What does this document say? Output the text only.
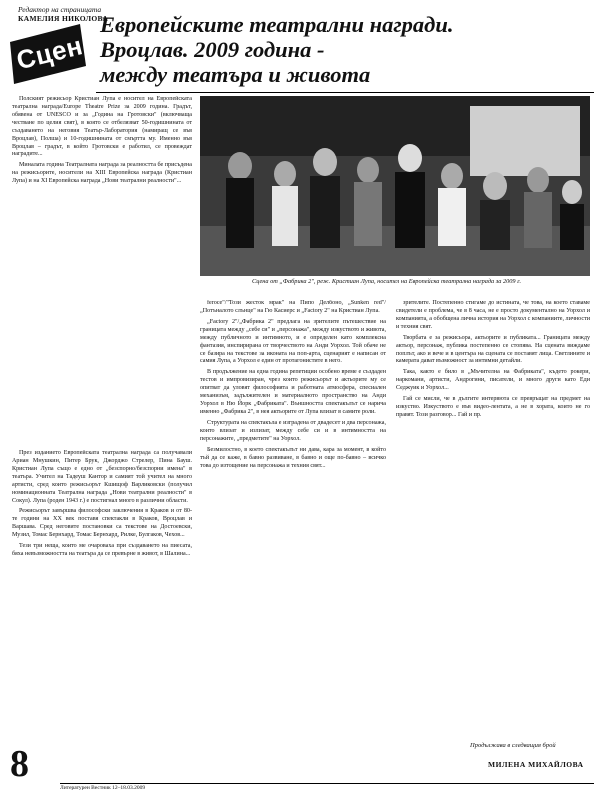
Редактор на страницата
КАМЕЛИЯ НИКОЛОВА
Сцена
Европейските театрални награди.
Вроцлав. 2009 година -
между театъра и живота

Полският режисьор Кристиан Лупа е носител на Европейската театрална награда/Europe Theatre Prize за 2009 година. Градът, обявена от UNESCO и за „Година на Гротовски" (включваща честване по целия свят), в която се отбелязват 50-годишнината от създаването на неговия Театър-Лаборатория (намиращ се във Вроцлав), Полша) и 10-годишнината от смъртта му. Именно във Вроцлав – градът, в който Гротовски е работил, се провеждат наградите...

Миналата година Театралната награда за реалността бе присъдена на режисьорите, носители на XIII Европейска награда (Кристиан Лупа) и на XI Европейска награда „Нови театрални реалности"...

През изданието Европейската театрална награда са получавали Ариан Мнушкин, Питер Брук, Джорджо Стрелер, Пина Бауш. Кристиан Лупа също е едно от „безспорно/безспорни имена" в театъра. Учител на Тадеуш Кантор и самият той учител на много артисти, сред които режисьорът Кшищоф Варликовски (получил номинационната Театрална награда „Нови театрални реалности" в Сокул). Лупа (роден 1943 г.) е постигнал много в различни области.

Режисьорът завършва философски заключения в Краков и от 80-те години на ХХ век поставя спектакли в Краков, Вроцлав и Варшава. Сред неговите постановки са текстове на Достоевски, Музил, Томас Бернхард, Томас Бернхард, Рилке, Булгаков, Чехов...

Тези три неща, които ме очароваха при създаването на пиесата, бяха невъзможността на театъра да се превърне в живот, в Шалина...

Сцена от „Фабрика 2", реж. Кристиан Лупа, носител на Европейска театрална награда за 2009 г.

ferоcе"/"Този жесток мрак" на Пипо Делбоно, „Sunken red"/„Потъналото слънце" на Гю Касиерс и „Factory 2" на Кристиан Лупа.

„Factory 2"/„Фабрика 2" предлага на зрителите пътешествие на границата между „себе си" и „персонажа", между изкуството и живота, между публичното и интимното, и е определен като комплексна фантазия, инспирирана от творчеството на Анди Уорхол. Той обаче не се базира на текстове за иконата на поп-арта, сценарият е написан от самия Лупа, а Уорхол е един от протагонистите в него.

В продължение на една година репетиции особено време е създаден тестов и импровизиран, чрез които режисьорът и актьорите му се опитват да уловят философията и работната атмосфера, спесиален механизъм, задължителен и материалното пространство на Анди Уорхол в Ню Йорк „Фабриката". Външността спектакълът се нарича именно „Фабрика 2", в нея актьорите от Лупа влизат в самите роли.

Структурата на спектакъла е изградена от двадесет и два персонажа, които влизат и излизат, между себе си и в интимността на персонажите, „предметите" на Уорхол.

Безмилостно, в което спектакълът ни дава, кара за момент, в който тъй да се каже, в бавно развиване, в бавно и още по-бавно – всичко това до изтощение на персонажа и техния свят...

зрителите. Постепенно стигаме до истината, че това, на което ставаме свидетели е проблема, че в 8 часа, не е просто документално на Уорхол и компанията, а обобщена лична история на Уорхол с компаниите, личности и техния свят.

Творбата е за режисьора, актьорите и публиката... Границата между актьор, персонаж, публика постепенно се стопява. На сцената виждаме поплът, ако и вече и в центъра на сцената се поставят лица. Светлините и камерата дават възможност за интимни детайли.

Така, както е било в „Мъчителна на Фабриката", където рокери, наркомани, артисти, Андрогини, писатели, и много други като Еди Седжуик и Уорхол...

Гай се мисли, че в дългите интервюта се превръщат на предмет на изкуство. Изкуството е във видео-лентата, а не в хората, които не го правят. Този разговор... Гай и пр.

8
Литературен Вестник 12–18.03.2009
Продължава в следващия брой
МИЛЕНА МИХАЙЛОВА
